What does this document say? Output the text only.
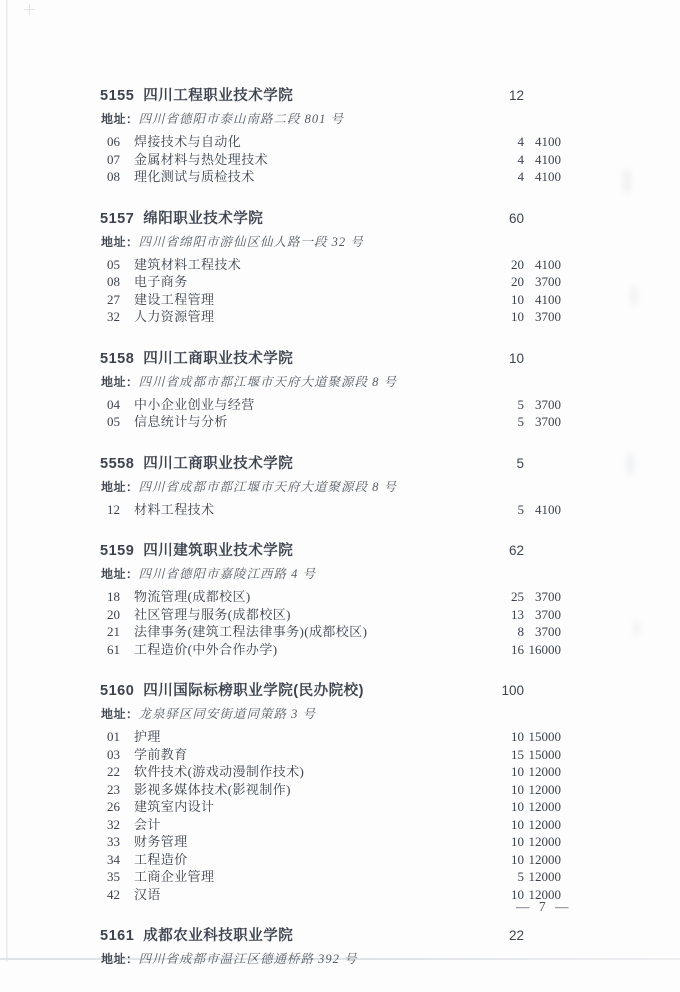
5155 四川工程职业技术学院	12
地址：四川省德阳市泰山南路二段 801 号
06	焊接技术与自动化	4 4100
07	金属材料与热处理技术	4 4100
08	理化测试与质检技术	4 4100
5157 绵阳职业技术学院	60
地址：四川省绵阳市游仙区仙人路一段 32 号
05	建筑材料工程技术	20 4100
08	电子商务	20 3700
27	建设工程管理	10 4100
32	人力资源管理	10 3700
5158 四川工商职业技术学院	10
地址：四川省成都市都江堰市天府大道聚源段 8 号
04	中小企业创业与经营	5 3700
05	信息统计与分析	5 3700
5558 四川工商职业技术学院	5
地址：四川省成都市都江堰市天府大道聚源段 8 号
12	材料工程技术	5 4100
5159 四川建筑职业技术学院	62
地址：四川省德阳市嘉陵江西路 4 号
18	物流管理(成都校区)	25 3700
20	社区管理与服务(成都校区)	13 3700
21	法律事务(建筑工程法律事务)(成都校区)	8 3700
61	工程造价(中外合作办学)	16 16000
5160 四川国际标榜职业学院(民办院校)	100
地址：龙泉驿区同安街道同策路 3 号
01	护理	10 15000
03	学前教育	15 15000
22	软件技术(游戏动漫制作技术)	10 12000
23	影视多媒体技术(影视制作)	10 12000
26	建筑室内设计	10 12000
32	会计	10 12000
33	财务管理	10 12000
34	工程造价	10 12000
35	工商企业管理	5 12000
42	汉语	10 12000
5161 成都农业科技职业学院	22
地址：四川省成都市温江区德通桥路 392 号
— 7 —
